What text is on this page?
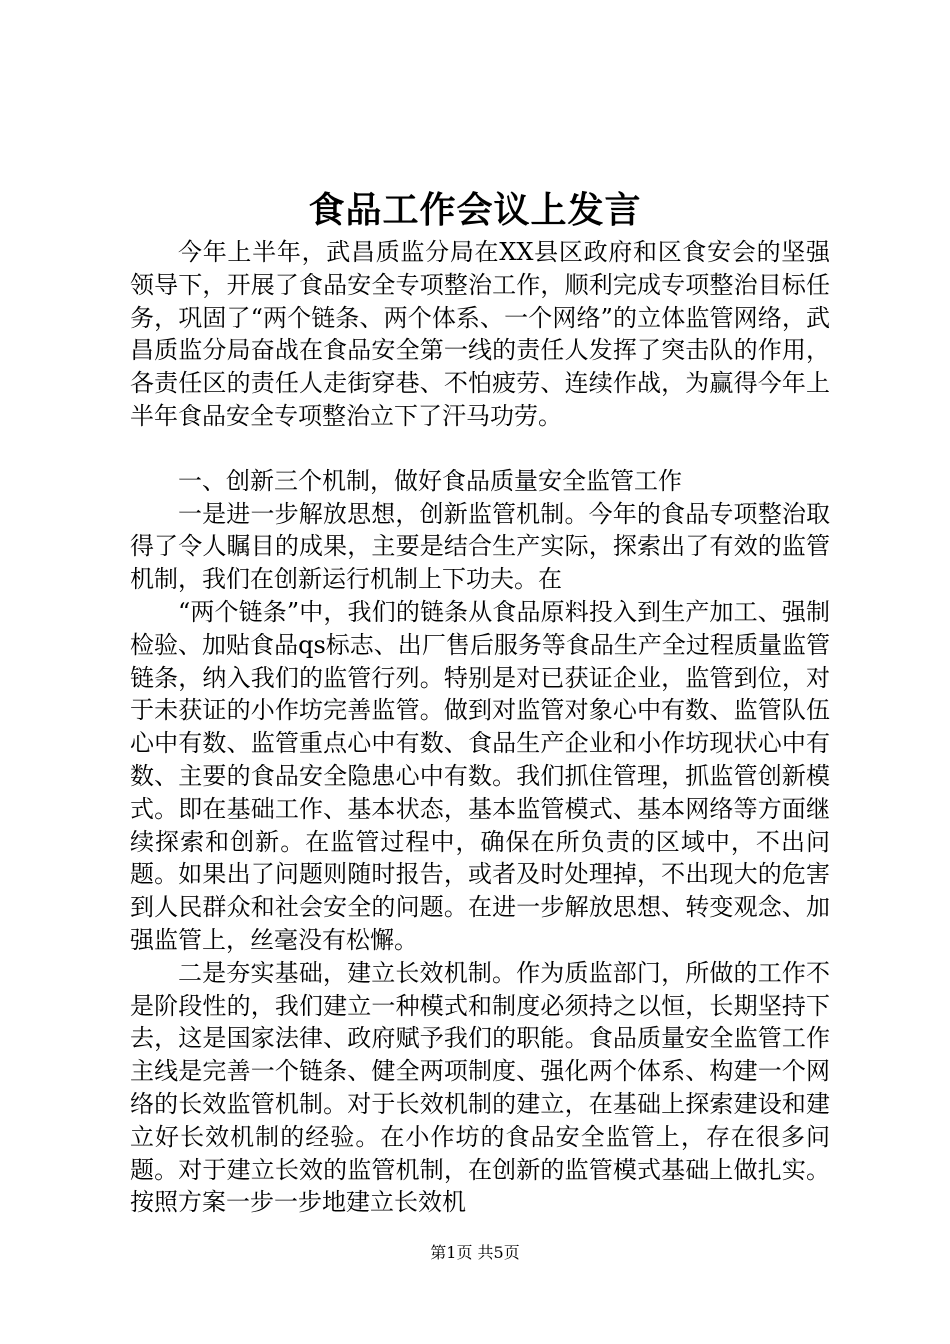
食品工作会议上发言

今年上半年，武昌质监分局在XX县区政府和区食安会的坚强领导下，开展了食品安全专项整治工作，顺利完成专项整治目标任务，巩固了“两个链条、两个体系、一个网络”的立体监管网络，武昌质监分局奋战在食品安全第一线的责任人发挥了突击队的作用，各责任区的责任人走街穿巷、不怕疲劳、连续作战，为赢得今年上半年食品安全专项整治立下了汗马功劳。

一、创新三个机制，做好食品质量安全监管工作

一是进一步解放思想，创新监管机制。今年的食品专项整治取得了令人瞩目的成果，主要是结合生产实际，探索出了有效的监管机制，我们在创新运行机制上下功夫。在

“两个链条”中，我们的链条从食品原料投入到生产加工、强制检验、加贴食品qs标志、出厂售后服务等食品生产全过程质量监管链条，纳入我们的监管行列。特别是对已获证企业，监管到位，对于未获证的小作坊完善监管。做到对监管对象心中有数、监管队伍心中有数、监管重点心中有数、食品生产企业和小作坊现状心中有数、主要的食品安全隐患心中有数。我们抓住管理，抓监管创新模式。即在基础工作、基本状态，基本监管模式、基本网络等方面继续探索和创新。在监管过程中，确保在所负责的区域中，不出问题。如果出了问题则随时报告，或者及时处理掉，不出现大的危害到人民群众和社会安全的问题。在进一步解放思想、转变观念、加强监管上，丝毫没有松懈。

二是夯实基础，建立长效机制。作为质监部门，所做的工作不是阶段性的，我们建立一种模式和制度必须持之以恒，长期坚持下去，这是国家法律、政府赋予我们的职能。食品质量安全监管工作主线是完善一个链条、健全两项制度、强化两个体系、构建一个网络的长效监管机制。对于长效机制的建立，在基础上探索建设和建立好长效机制的经验。在小作坊的食品安全监管上，存在很多问题。对于建立长效的监管机制，在创新的监管模式基础上做扎实。按照方案一步一步地建立长效机

第1页 共5页
